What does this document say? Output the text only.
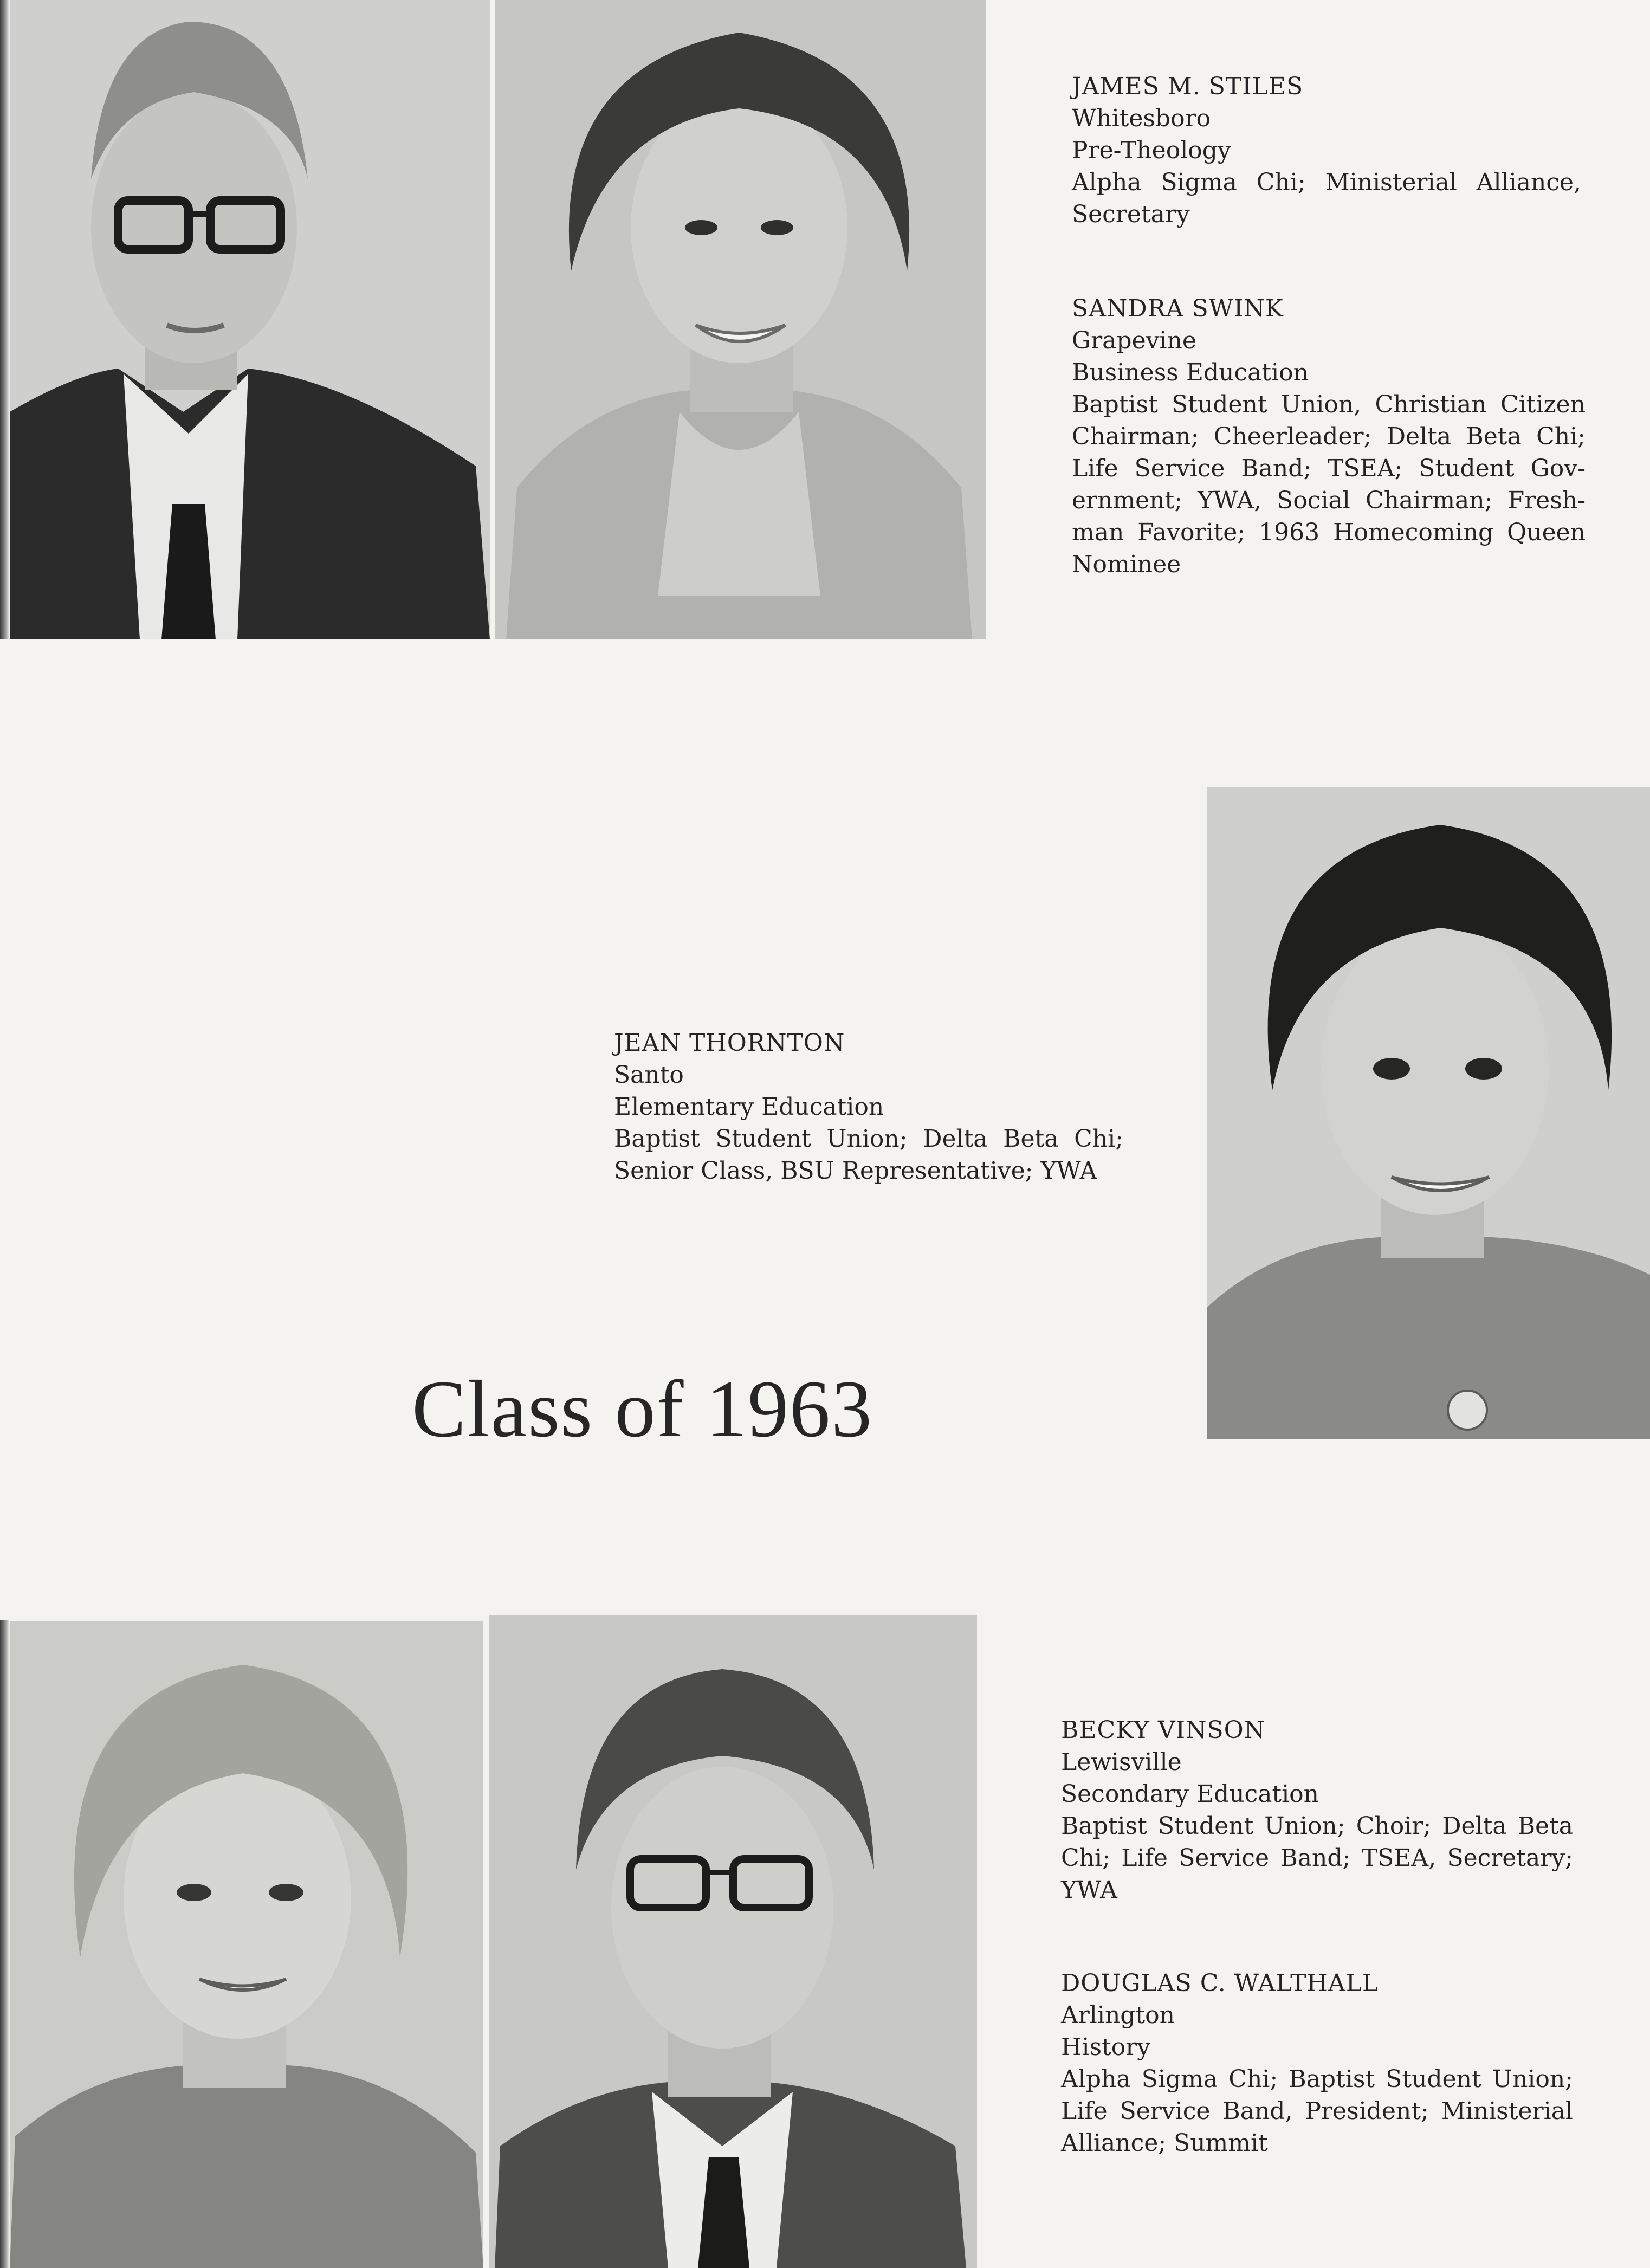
JAMES M. STILES
Whitesboro
Pre-Theology
Alpha Sigma Chi; Ministerial Alliance,
Secretary
SANDRA SWINK
Grapevine
Business Education
Baptist Student Union, Christian Citizen
Chairman; Cheerleader; Delta Beta Chi;
Life Service Band; TSEA; Student Gov-
ernment; YWA, Social Chairman; Fresh-
man Favorite; 1963 Homecoming Queen
Nominee
JEAN THORNTON
Santo
Elementary Education
Baptist Student Union; Delta Beta Chi;
Senior Class, BSU Representative; YWA
Class of 1963
BECKY VINSON
Lewisville
Secondary Education
Baptist Student Union; Choir; Delta Beta
Chi; Life Service Band; TSEA, Secretary;
YWA
DOUGLAS C. WALTHALL
Arlington
History
Alpha Sigma Chi; Baptist Student Union;
Life Service Band, President; Ministerial
Alliance; Summit
